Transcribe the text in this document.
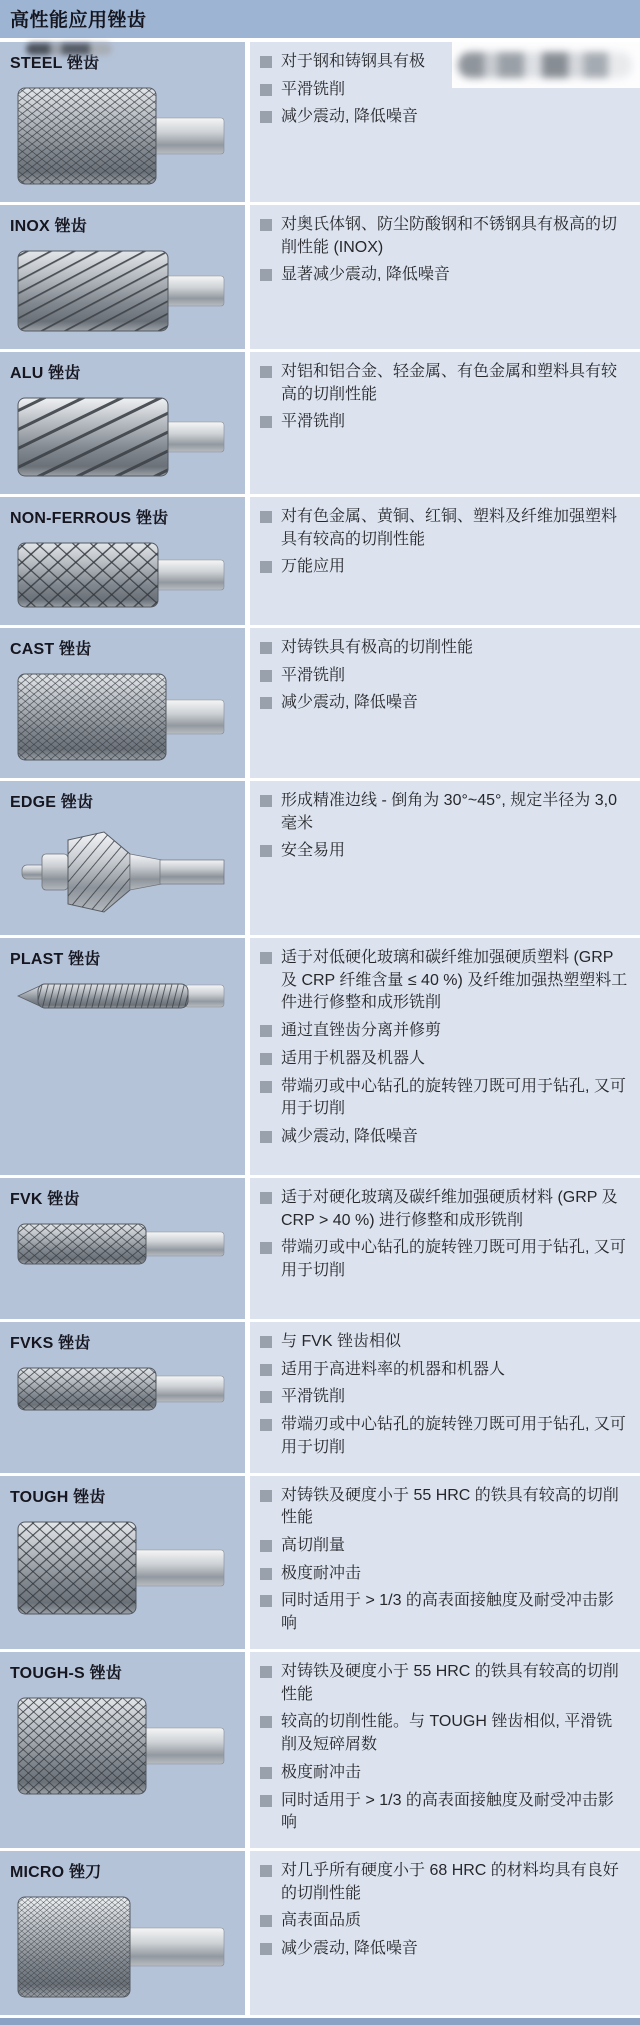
高性能应用锉齿
STEEL 锉齿	对于钢和铸钢具有极
平滑铣削
减少震动, 降低噪音
INOX 锉齿	对奥氏体钢、防尘防酸钢和不锈钢具有极高的切削性能 (INOX)
显著减少震动, 降低噪音
ALU 锉齿	对铝和铝合金、轻金属、有色金属和塑料具有较高的切削性能
平滑铣削
NON-FERROUS 锉齿	对有色金属、黄铜、红铜、塑料及纤维加强塑料具有较高的切削性能
万能应用
CAST 锉齿	对铸铁具有极高的切削性能
平滑铣削
减少震动, 降低噪音
EDGE 锉齿	形成精准边线 - 倒角为 30°~45°, 规定半径为 3,0 毫米
安全易用
PLAST 锉齿	适于对低硬化玻璃和碳纤维加强硬质塑料 (GRP 及 CRP 纤维含量 ≤ 40 %) 及纤维加强热塑塑料工件进行修整和成形铣削
通过直锉齿分离并修剪
适用于机器及机器人
带端刃或中心钻孔的旋转锉刀既可用于钻孔, 又可用于切削
减少震动, 降低噪音
FVK 锉齿	适于对硬化玻璃及碳纤维加强硬质材料 (GRP 及 CRP > 40 %) 进行修整和成形铣削
带端刃或中心钻孔的旋转锉刀既可用于钻孔, 又可用于切削
FVKS 锉齿	与 FVK 锉齿相似
适用于高进料率的机器和机器人
平滑铣削
带端刃或中心钻孔的旋转锉刀既可用于钻孔, 又可用于切削
TOUGH 锉齿	对铸铁及硬度小于 55 HRC 的铁具有较高的切削性能
高切削量
极度耐冲击
同时适用于 > 1/3 的高表面接触度及耐受冲击影响
TOUGH-S 锉齿	对铸铁及硬度小于 55 HRC 的铁具有较高的切削性能
较高的切削性能。与 TOUGH 锉齿相似, 平滑铣削及短碎屑数
极度耐冲击
同时适用于 > 1/3 的高表面接触度及耐受冲击影响
MICRO 锉刀	对几乎所有硬度小于 68 HRC 的材料均具有良好的切削性能
高表面品质
减少震动, 降低噪音
